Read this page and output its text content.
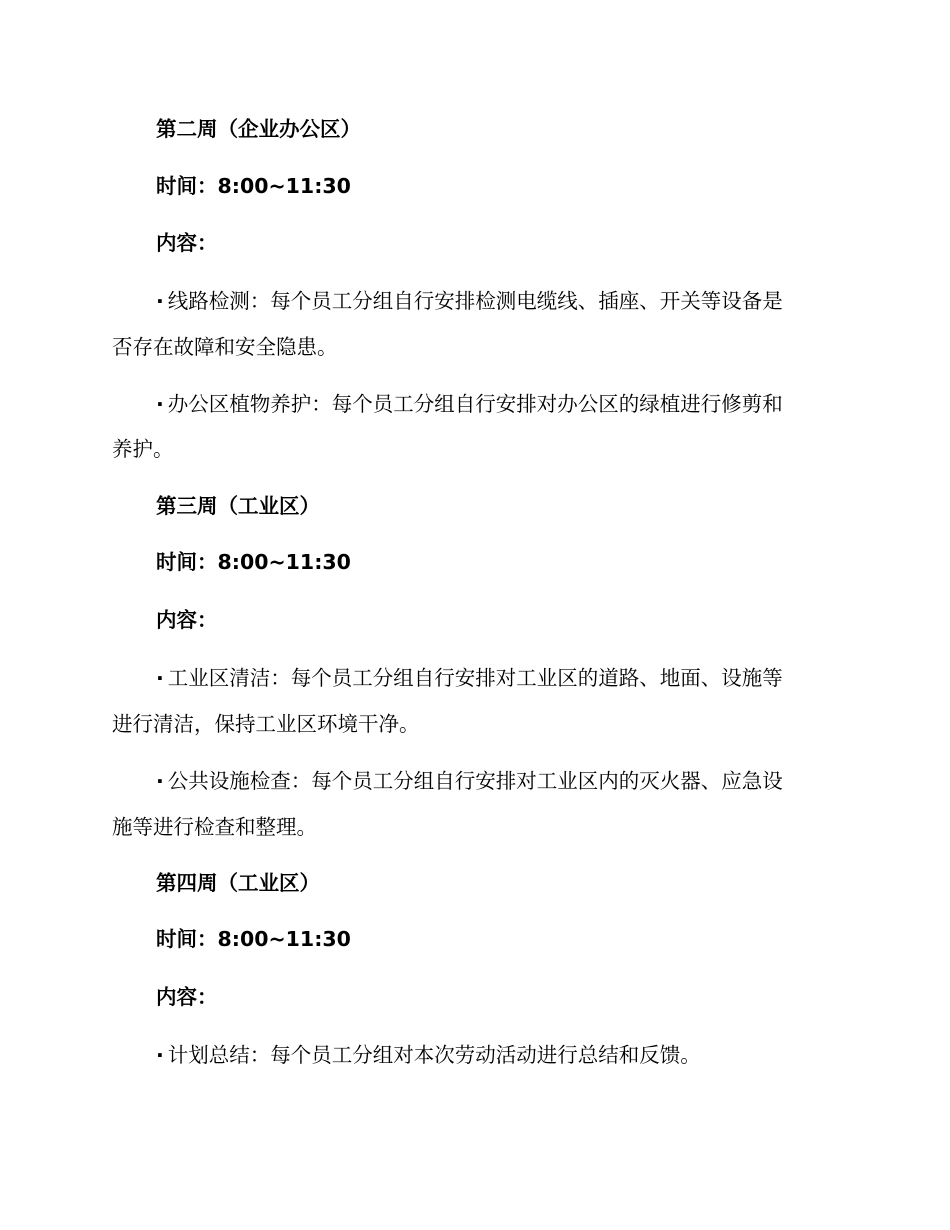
第二周（企业办公区）

时间：8:00~11:30

内容：

· 线路检测：每个员工分组自行安排检测电缆线、插座、开关等设备是

否存在故障和安全隐患。

· 办公区植物养护：每个员工分组自行安排对办公区的绿植进行修剪和

养护。

第三周（工业区）

时间：8:00~11:30

内容：

· 工业区清洁：每个员工分组自行安排对工业区的道路、地面、设施等

进行清洁，保持工业区环境干净。

· 公共设施检查：每个员工分组自行安排对工业区内的灭火器、应急设

施等进行检查和整理。

第四周（工业区）

时间：8:00~11:30

内容：

· 计划总结：每个员工分组对本次劳动活动进行总结和反馈。
